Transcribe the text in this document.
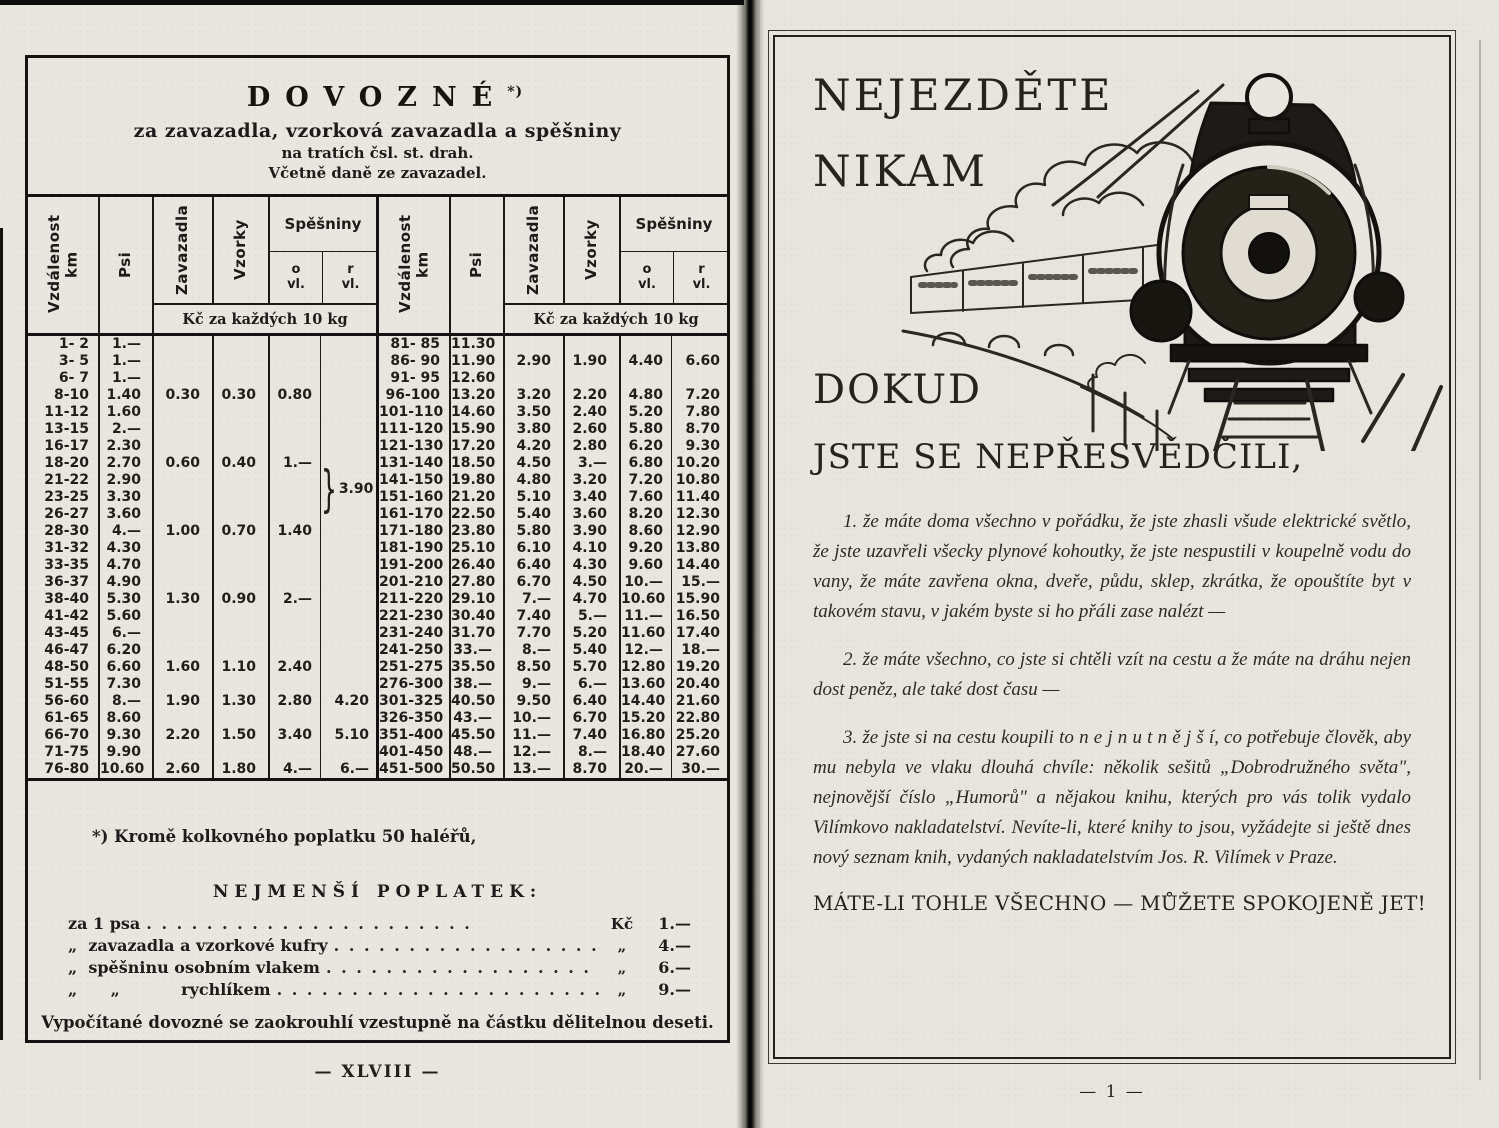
DOVOZNÉ*)
za zavazadla, vzorková zavazadla a spěšniny
na tratích čsl. st. drah.
Včetně daně ze zavazadel.
Vzdálenost km Psi	Zavazadla	Vzorky	Spěšniny
o
vl.
r
vl.
Kč za každých 10 kg
} 3.90
1- 2	1.—
3- 5	1.—
6- 7	1.—
8-10	1.40	0.30	0.30	0.80
11-12	1.60
13-15	2.—
16-17	2.30
18-20	2.70	0.60	0.40	1.—
21-22	2.90
23-25	3.30
26-27	3.60
28-30	4.—	1.00	0.70	1.40
31-32	4.30
33-35	4.70
36-37	4.90
38-40	5.30	1.30	0.90	2.—
41-42	5.60
43-45	6.—
46-47	6.20
48-50	6.60	1.60	1.10	2.40
51-55	7.30
56-60	8.—	1.90	1.30	2.80	4.20
61-65	8.60
66-70	9.30	2.20	1.50	3.40	5.10
71-75	9.90
76-80 10.60	2.60	1.80	4.—	6.—
Vzdálenost km Psi	Zavazadla	Vzorky	Spěšniny
o
vl.
r
vl.
Kč za každých 10 kg
81- 85 11.30
86- 90 11.90	2.90	1.90	4.40	6.60
91- 95 12.60
96-100 13.20	3.20	2.20	4.80	7.20
101-110 14.60	3.50	2.40	5.20	7.80
111-120 15.90	3.80	2.60	5.80	8.70
121-130 17.20	4.20	2.80	6.20	9.30
131-140 18.50	4.50	3.—	6.80 10.20
141-150 19.80	4.80	3.20	7.20 10.80
151-160 21.20	5.10	3.40	7.60 11.40
161-170 22.50	5.40	3.60	8.20 12.30
171-180 23.80	5.80	3.90	8.60 12.90
181-190 25.10	6.10	4.10	9.20 13.80
191-200 26.40	6.40	4.30	9.60 14.40
201-210 27.80	6.70	4.50	10.—	15.—
211-220 29.10	7.—	4.70	10.60 15.90
221-230 30.40	7.40	5.—	11.— 16.50
231-240 31.70	7.70	5.20	11.60 17.40
241-250 33.—	8.—	5.40	12.—	18.—
251-275 35.50	8.50	5.70	12.80 19.20
276-300 38.—	9.—	6.—	13.60 20.40
301-325 40.50	9.50	6.40	14.40 21.60
326-350 43.—	10.—	6.70	15.20 22.80
351-400 45.50	11.—	7.40	16.80 25.20
401-450 48.—	12.—	8.—	18.40 27.60
451-500 50.50	13.—	8.70	20.—	30.—
*) Kromě kolkovného poplatku 50 haléřů,
NEJMENŠÍ POPLATEK:
za 1 psa .	Kč	1.—
„  zavazadla a vzorkové kufry .	„	4.—
„  spěšninu osobním vlakem .	„	6.—
„      „           rychlíkem .	„	9.—
Vypočítané dovozné se zaokrouhlí vzestupně na částku dělitelnou deseti.
— XLVIII —
NEJEZDĚTE
NIKAM
DOKUD
JSTE SE NEPŘESVĚDČILI,

1. že máte doma všechno v pořádku, že jste zhasli všude elektrické světlo, že jste uzavřeli všecky plynové kohoutky, že jste nespustili v koupelně vodu do vany, že máte zavřena okna, dveře, půdu, sklep, zkrátka, že opouštíte byt v takovém stavu, v jakém byste si ho přáli zase nalézt —

2. že máte všechno, co jste si chtěli vzít na cestu a že máte na dráhu nejen dost peněz, ale také dost času —

3. že jste si na cestu koupili to n e j n u t n ě j š í, co potřebuje člověk, aby mu nebyla ve vlaku dlouhá chvíle: několik sešitů „Dobrodružného světa", nejnovější číslo „Humorů" a nějakou knihu, kterých pro vás tolik vydalo Vilímkovo nakladatelství. Nevíte-li, které knihy to jsou, vyžádejte si ještě dnes nový seznam knih, vydaných nakladatelstvím Jos. R. Vilímek v Praze.

MÁTE-LI TOHLE VŠECHNO — MŮŽETE SPOKOJENĚ JET!
— 1 —
